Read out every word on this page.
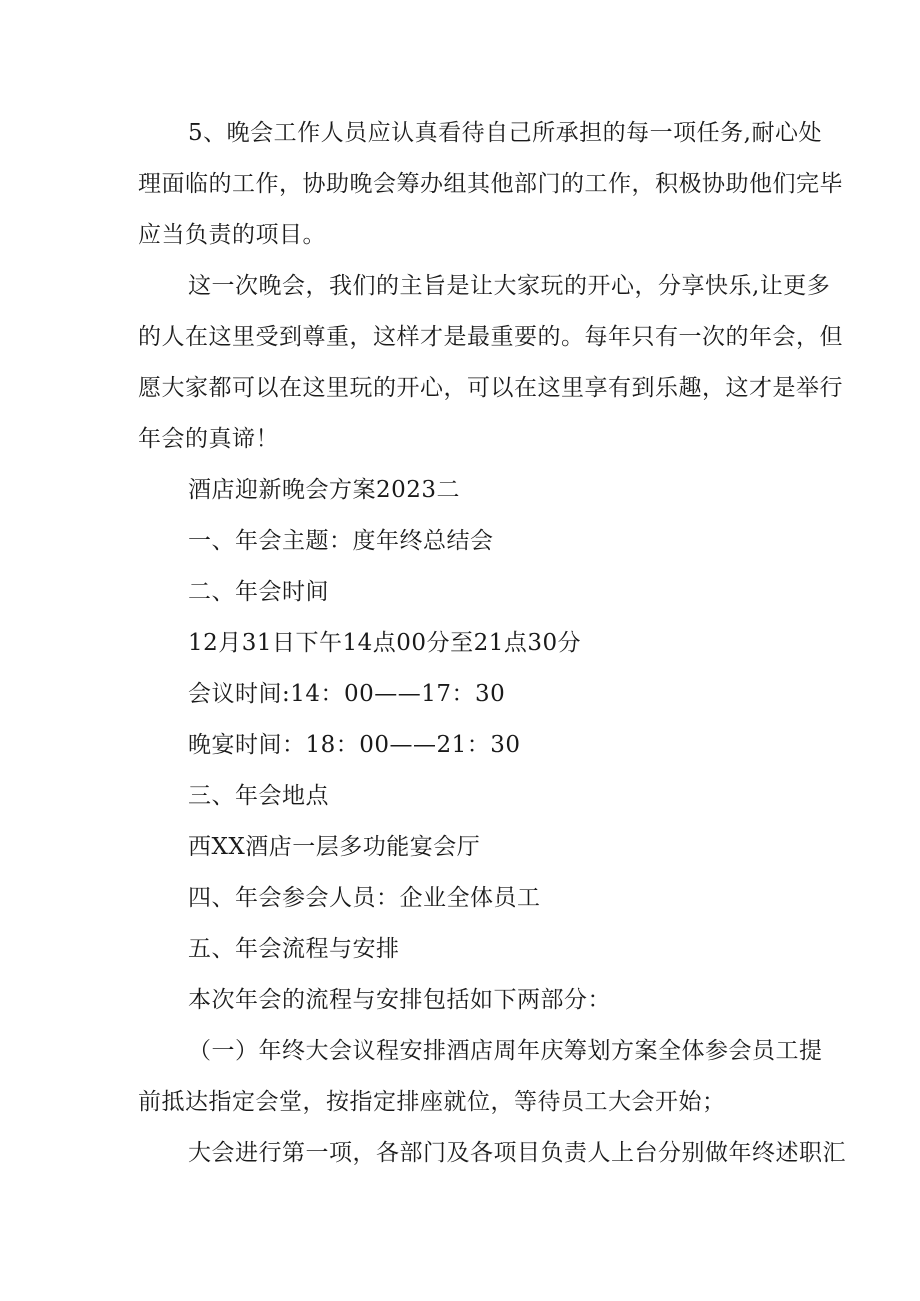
5、晚会工作人员应认真看待自己所承担的每一项任务,耐心处
理面临的工作，协助晚会筹办组其他部门的工作，积极协助他们完毕
应当负责的项目。
这一次晚会，我们的主旨是让大家玩的开心，分享快乐,让更多
的人在这里受到尊重，这样才是最重要的。每年只有一次的年会，但
愿大家都可以在这里玩的开心，可以在这里享有到乐趣，这才是举行
年会的真谛！
酒店迎新晚会方案2023二
一、年会主题：度年终总结会
二、年会时间
12月31日下午14点00分至21点30分
会议时间:14：00——17：30
晚宴时间：18：00——21：30
三、年会地点
西XX酒店一层多功能宴会厅
四、年会参会人员：企业全体员工
五、年会流程与安排
本次年会的流程与安排包括如下两部分：
（一）年终大会议程安排酒店周年庆筹划方案全体参会员工提
前抵达指定会堂，按指定排座就位，等待员工大会开始；
大会进行第一项，各部门及各项目负责人上台分别做年终述职汇
